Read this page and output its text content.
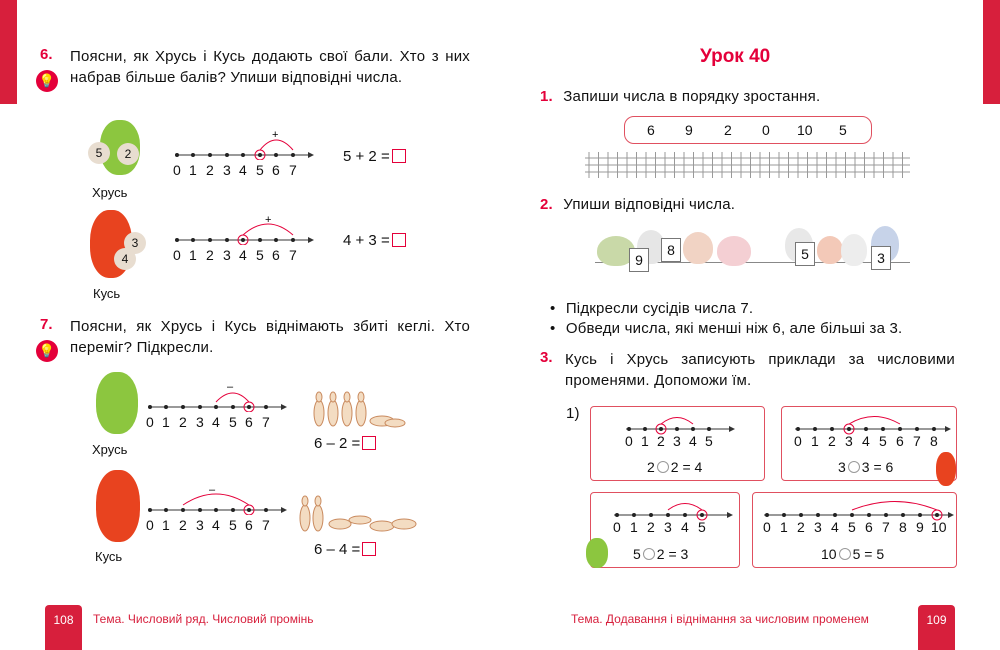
6.	Поясни, як Хрусь і Кусь додають свої бали. Хто з них набрав більше балів? Упиши відповідні числа.
💡
5	2
Хрусь
+
0 1 2 3 4 5 6 7
5 + 2 =
3
4
Кусь
+
0 1 2 3 4 5 6 7
4 + 3 =
7.	Поясни, як Хрусь і Кусь віднімають збиті кеглі. Хто переміг? Підкресли.
💡
Хрусь
–
0 1 2 3 4 5 6 7
6 – 2 =
Кусь
–
0 1 2 3 4 5 6 7
6 – 4 =
108	Тема. Числовий ряд. Числовий промінь
Урок 40
1. Запиши числа в порядку зростання.
6 9 2 0 10 5
2. Упиши відповідні числа.
9
8	5	3
• Підкресли сусідів числа 7.
• Обведи числа, які менші ніж 6, але більші за 3.
3. Кусь і Хрусь записують приклади за числовими променями. Допоможи їм.
1)
0 1 2 3 4 5
2 2 = 4
0 1 2 3 4 5 6 7 8
3 3 = 6
0 1 2 3 4 5
5 2 = 3
0 1 2 3 4 5 6 7 8 9 10
10 5 = 5
Тема. Додавання і віднімання за числовим променем	109
